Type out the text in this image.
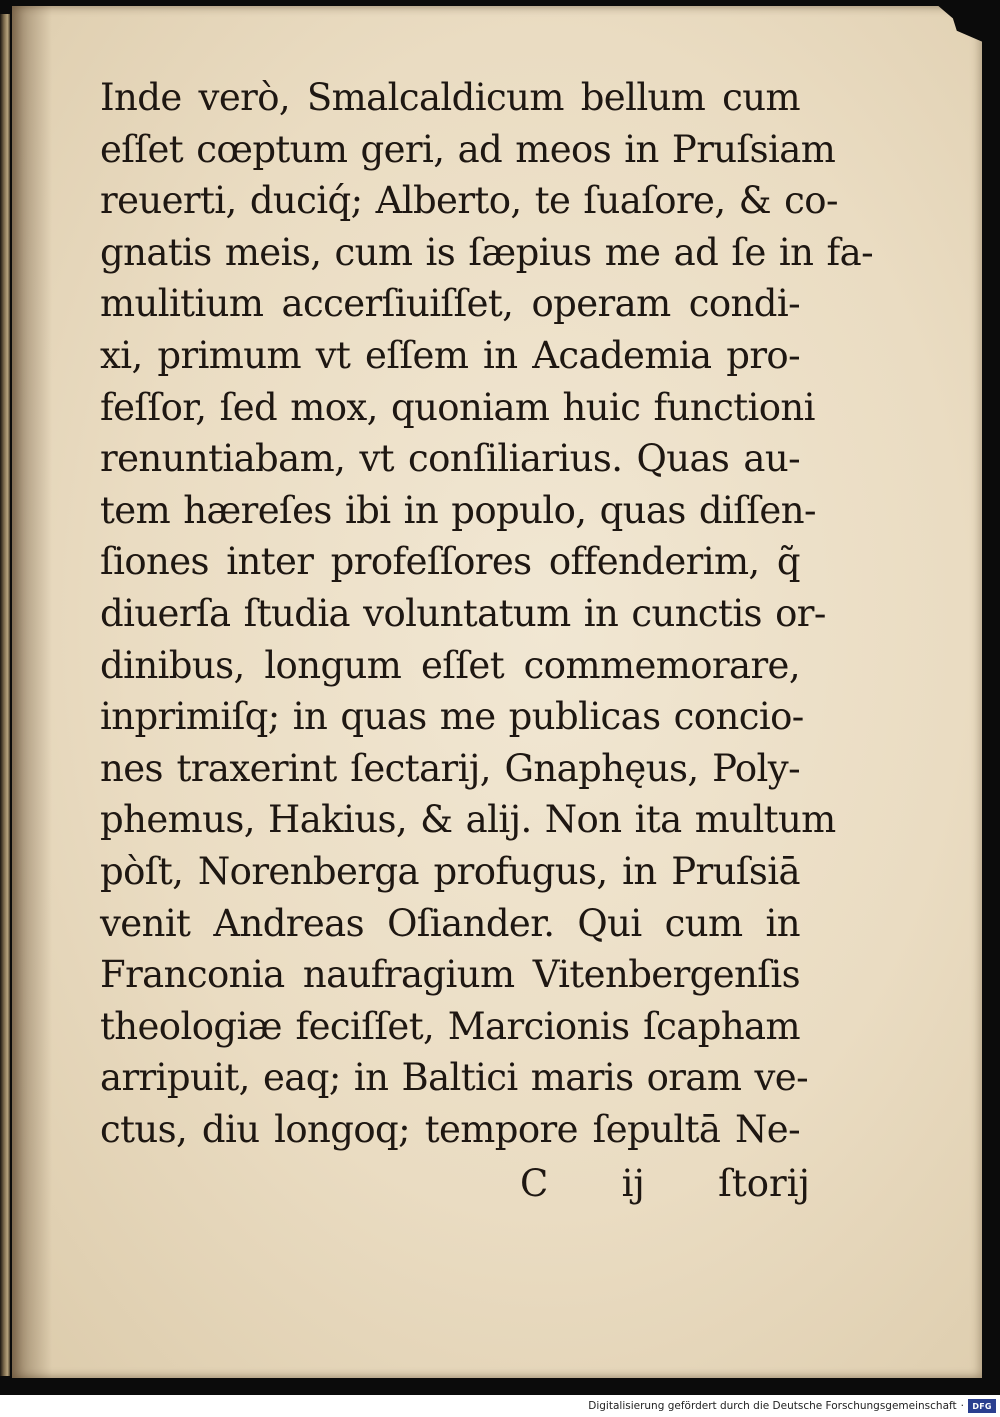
Inde verò, Smalcaldicum bellum cum
eſſet cœptum geri, ad meos in Pruſsiam
reuerti, duciq́; Alberto, te ſuaſore, & co-
gnatis meis, cum is ſæpius me ad ſe in fa-
mulitium accerſiuiſſet, operam condi-
xi, primum vt eſſem in Academia pro-
feſſor, ſed mox, quoniam huic functioni
renuntiabam, vt conſiliarius. Quas au-
tem hæreſes ibi in populo, quas diſſen-
ſiones inter profeſſores offenderim, q̃
diuerſa ſtudia voluntatum in cunctis or-
dinibus, longum eſſet commemorare,
inprimiſq; in quas me publicas concio-
nes traxerint ſectarij, Gnaphęus, Poly-
phemus, Hakius, & alij. Non ita multum
pòſt, Norenberga profugus, in Pruſsiā
venit Andreas Oſiander. Qui cum in
Franconia naufragium Vitenbergenſis
theologiæ feciſſet, Marcionis ſcapham
arripuit, eaq; in Baltici maris oram ve-
ctus, diu longoq; tempore ſepultā Ne-
C ij ſtorij
Digitalisierung gefördert durch die Deutsche Forschungsgemeinschaft · DFG
